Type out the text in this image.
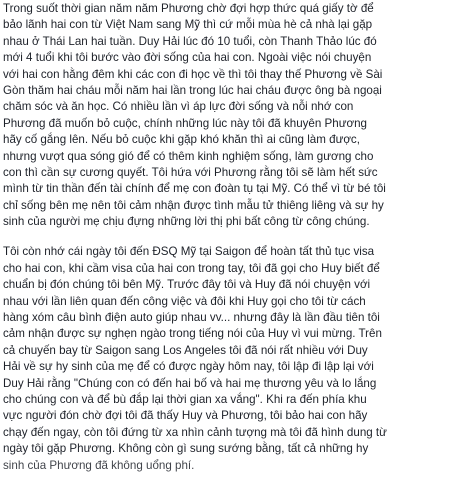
Trong suốt thời gian năm năm Phương chờ đợi hợp thức quá giấy tờ để
bảo lãnh hai con từ Việt Nam sang Mỹ thì cứ mỗi mùa hè cả nhà lại gặp
nhau ở Thái Lan hai tuần. Duy Hải lúc đó 10 tuổi, còn Thanh Thảo lúc đó
mới 4 tuổi khi tôi bước vào đời sống của hai con. Ngoài việc nói chuyện
với hai con hằng đêm khi các con đi học về thì tôi thay thế Phương về Sài
Gòn thăm hai cháu mỗi năm hai lần trong lúc hai cháu được ông bà ngoại
chăm sóc và ăn học. Có nhiều lần vì áp lực đời sống và nỗi nhớ con
Phương đã muốn bỏ cuộc, chính những lúc này tôi đã khuyên Phương
hãy cố gắng lên. Nếu bỏ cuộc khi gặp khó khăn thì ai cũng làm được,
nhưng vượt qua sóng gió để có thêm kinh nghiệm sống, làm gương cho
con thì cần sự cương quyết. Tôi hứa với Phương rằng tôi sẽ làm hết sức
mình từ tin thần đến tài chính để mẹ con đoàn tụ tại Mỹ. Có thể vì từ bé tôi
chỉ sống bên mẹ nên tôi cảm nhận được tình mẫu tử thiêng liêng và sự hy
sinh của người mẹ chịu đựng những lời thị phi bất công từ công chúng.
Tôi còn nhớ cái ngày tôi đến ĐSQ Mỹ tại Saigon để hoàn tất thủ tục visa
cho hai con, khi cầm visa của hai con trong tay, tôi đã gọi cho Huy biết để
chuẩn bị đón chúng tôi bên Mỹ. Trước đây tôi và Huy đã nói chuyện với
nhau với lần liên quan đến công việc và đôi khi Huy gọi cho tôi từ cách
hàng xóm câu bình điện auto giúp nhau vv... nhưng đây là lần đầu tiên tôi
cảm nhận được sự nghẹn ngào trong tiếng nói của Huy vì vui mừng. Trên
cả chuyến bay từ Saigon sang Los Angeles tôi đã nói rất nhiều với Duy
Hải về sự hy sinh của mẹ để có được ngày hôm nay, tôi lập đi lập lại với
Duy Hải rằng "Chúng con có đến hai bố và hai mẹ thương yêu và lo lắng
cho chúng con và để bù đắp lại thời gian xa vắng". Khi ra đến phía khu
vực người đón chờ đợi tôi đã thấy Huy và Phương, tôi bảo hai con hãy
chạy đến ngay, còn tôi đứng từ xa nhìn cảnh tượng mà tôi đã hình dung từ
ngày tôi gặp Phương. Không còn gì sung sướng bằng, tất cả những hy
sinh của Phương đã không uổng phí.
